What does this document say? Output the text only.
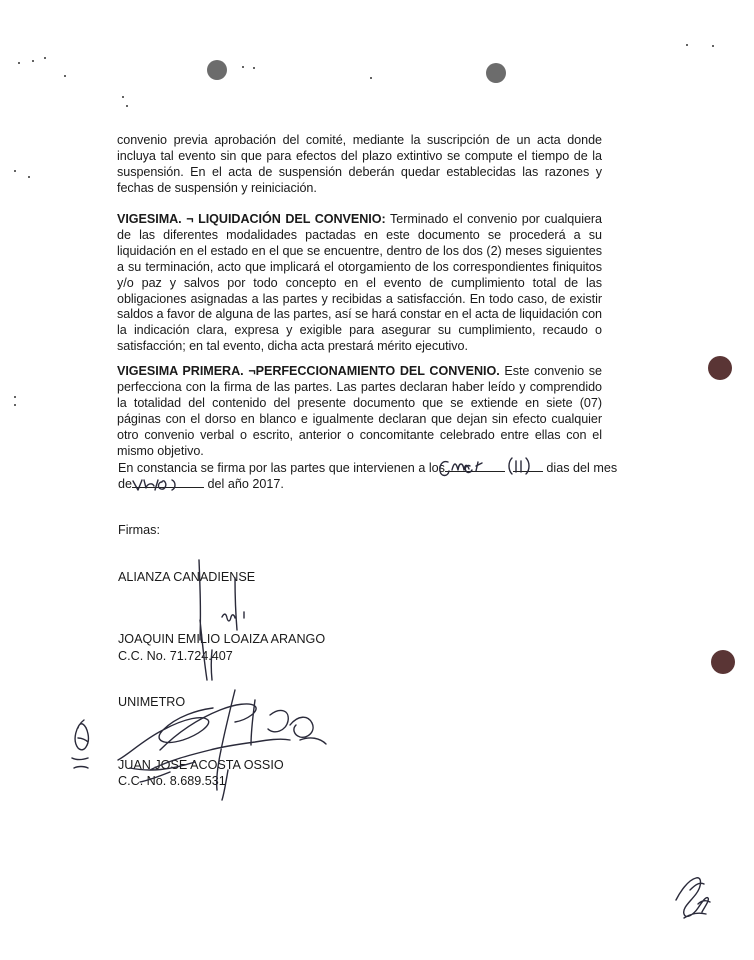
convenio previa aprobación del comité, mediante la suscripción de un acta donde incluya tal evento sin que para efectos del plazo extintivo se compute el tiempo de la suspensión. En el acta de suspensión deberán quedar establecidas las razones y fechas de suspensión y reiniciación.

VIGESIMA. ¬ LIQUIDACIÓN DEL CONVENIO: Terminado el convenio por cualquiera de las diferentes modalidades pactadas en este documento se procederá a su liquidación en el estado en el que se encuentre, dentro de los dos (2) meses siguientes a su terminación, acto que implicará el otorgamiento de los correspondientes finiquitos y/o paz y salvos por todo concepto en el evento de cumplimiento total de las obligaciones asignadas a las partes y recibidas a satisfacción. En todo caso, de existir saldos a favor de alguna de las partes, así se hará constar en el acta de liquidación con la indicación clara, expresa y exigible para asegurar su cumplimiento, recaudo o satisfacción; en tal evento, dicha acta prestará mérito ejecutivo.

VIGESIMA PRIMERA. ¬PERFECCIONAMIENTO DEL CONVENIO. Este convenio se perfecciona con la firma de las partes. Las partes declaran haber leído y comprendido la totalidad del contenido del presente documento que se extiende en siete (07) páginas con el dorso en blanco e igualmente declaran que dejan sin efecto cualquier otro convenio verbal o escrito, anterior o concomitante celebrado entre ellas con el mismo objetivo.

En constancia se firma por las partes que intervienen a los	dias del mes
de	del año 2017.
Firmas:
ALIANZA CANADIENSE
JOAQUIN EMILIO LOAIZA ARANGO
C.C. No. 71.724.407
UNIMETRO
JUAN JOSE ACOSTA OSSIO
C.C. No. 8.689.531
